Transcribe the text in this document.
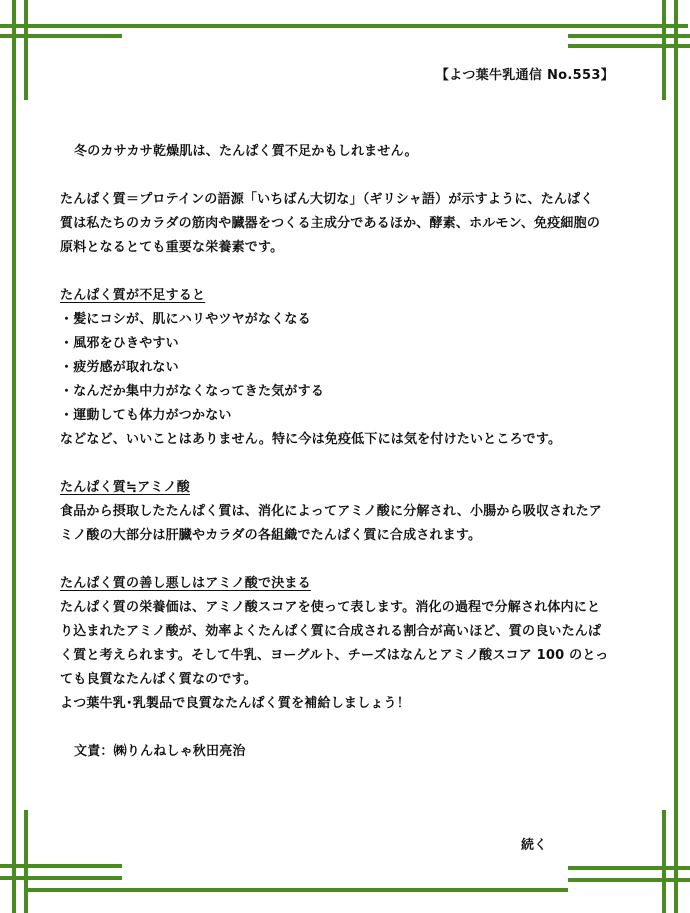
【よつ葉牛乳通信 No.553】

冬のカサカサ乾燥肌は、たんぱく質不足かもしれません。

たんぱく質＝プロテインの語源「いちばん大切な」（ギリシャ語）が示すように、たんぱく

質は私たちのカラダの筋肉や臓器をつくる主成分であるほか、酵素、ホルモン、免疫細胞の

原料となるとても重要な栄養素です。

たんぱく質が不足すると

・髪にコシが、肌にハリやツヤがなくなる

・風邪をひきやすい

・疲労感が取れない

・なんだか集中力がなくなってきた気がする

・運動しても体力がつかない

などなど、いいことはありません。特に今は免疫低下には気を付けたいところです。

たんぱく質≒アミノ酸

食品から摂取したたんぱく質は、消化によってアミノ酸に分解され、小腸から吸収されたア

ミノ酸の大部分は肝臓やカラダの各組織でたんぱく質に合成されます。

たんぱく質の善し悪しはアミノ酸で決まる

たんぱく質の栄養価は、アミノ酸スコアを使って表します。消化の過程で分解され体内にと

り込まれたアミノ酸が、効率よくたんぱく質に合成される割合が高いほど、質の良いたんぱ

く質と考えられます。そして牛乳、ヨーグルト、チーズはなんとアミノ酸スコア 100 のとっ

ても良質なたんぱく質なのです。

よつ葉牛乳･乳製品で良質なたんぱく質を補給しましょう！

文責：㈱りんねしゃ秋田亮治

続く
